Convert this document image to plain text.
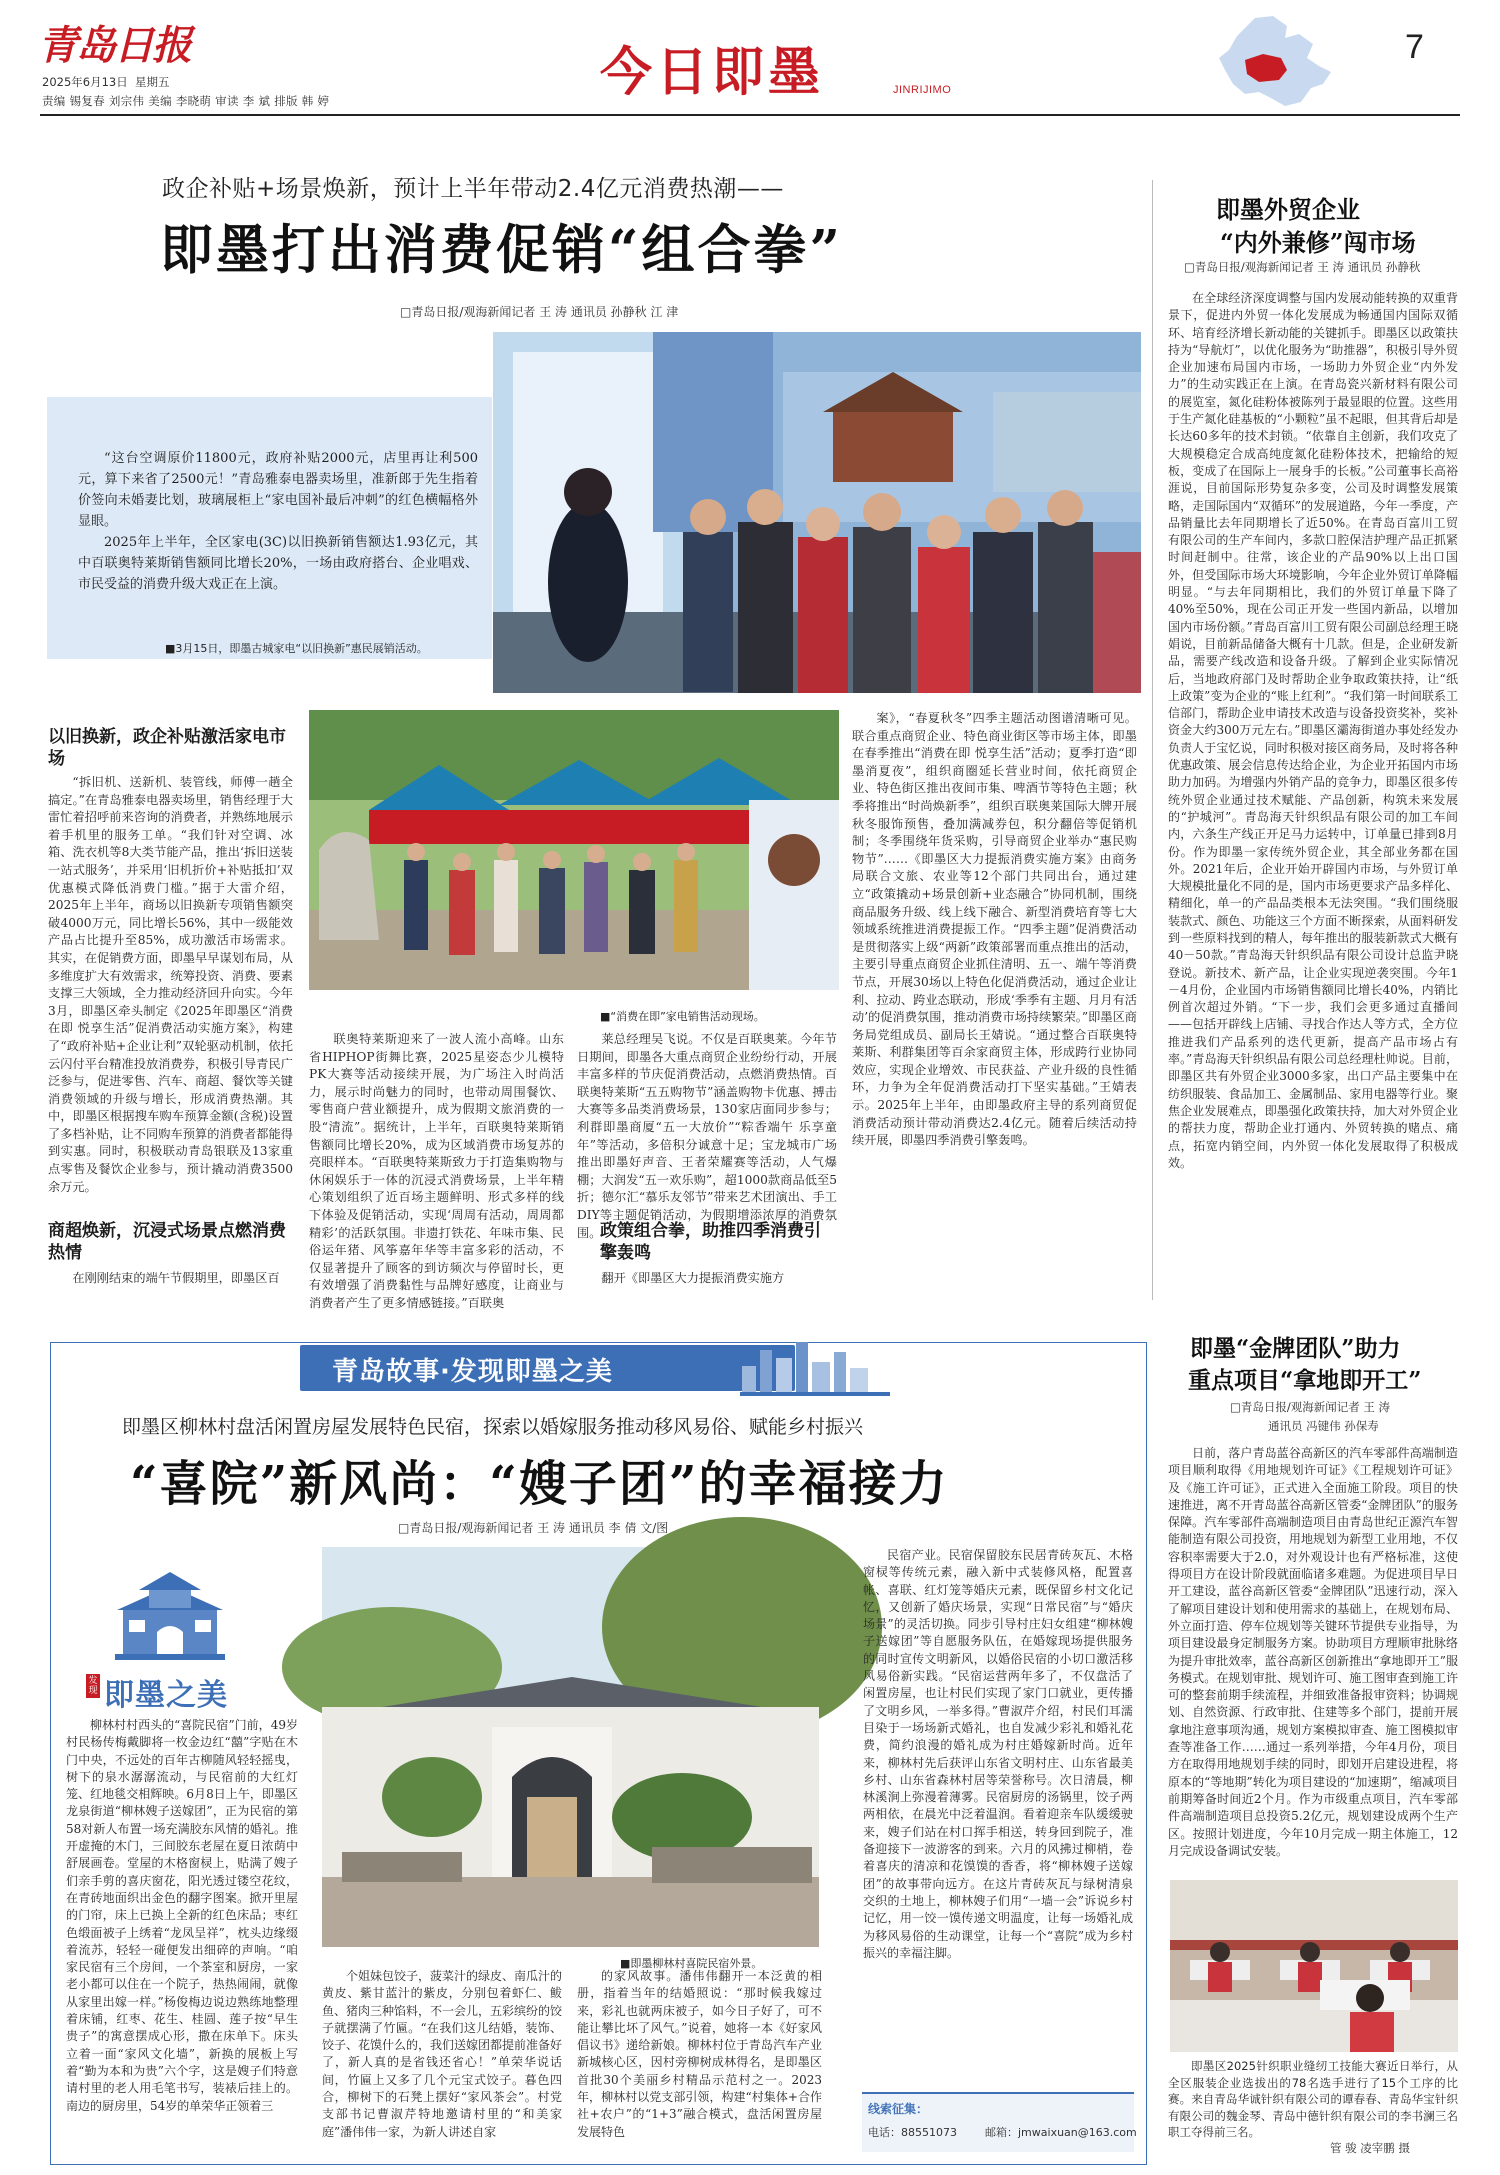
青岛日报
2025年6月13日 星期五
责编 锡复春 刘宗伟 美编 李晓萌 审读 李 斌 排版 韩 婷	今日即墨	JINRIJIMO
7
政企补贴+场景焕新，预计上半年带动2.4亿元消费热潮——
即墨打出消费促销“组合拳”
□青岛日报/观海新闻记者 王 涛 通讯员 孙静秋 江 津

“这台空调原价11800元，政府补贴2000元，店里再让利500元，算下来省了2500元！”青岛雅泰电器卖场里，准新郎于先生指着价签向未婚妻比划，玻璃展柜上“家电国补最后冲刺”的红色横幅格外显眼。

2025年上半年，全区家电(3C)以旧换新销售额达1.93亿元，其中百联奥特莱斯销售额同比增长20%，一场由政府搭台、企业唱戏、市民受益的消费升级大戏正在上演。

■3月15日，即墨古城家电“以旧换新”惠民展销活动。
■“消费在即”家电销售活动现场。
以旧换新，政企补贴激活家电市场
“拆旧机、送新机、装管线，师傅一趟全搞定。”在青岛雅泰电器卖场里，销售经理于大雷忙着招呼前来咨询的消费者，并熟练地展示着手机里的服务工单。“我们针对空调、冰箱、洗衣机等8大类节能产品，推出‘拆旧送装一站式服务’，并采用‘旧机折价+补贴抵扣’双优惠模式降低消费门槛。”据于大雷介绍，2025年上半年，商场以旧换新专项销售额突破4000万元，同比增长56%，其中一级能效产品占比提升至85%，成功激活市场需求。其实，在促销费方面，即墨早早谋划布局，从多维度扩大有效需求，统筹投资、消费、要素支撑三大领域，全力推动经济回升向实。今年3月，即墨区牵头制定《2025年即墨区“消费在即 悦享生活”促消费活动实施方案》，构建了“政府补贴+企业让利”双轮驱动机制，依托云闪付平台精准投放消费券，积极引导青民广泛参与，促进零售、汽车、商超、餐饮等关键消费领域的升级与增长，形成消费热潮。其中，即墨区根据搜车购车预算金额(含税)设置了多档补贴，让不同购车预算的消费者都能得到实惠。同时，积极联动青岛银联及13家重点零售及餐饮企业参与，预计撬动消费3500余万元。
商超焕新，沉浸式场景点燃消费热情
在刚刚结束的端午节假期里，即墨区百
联奥特莱斯迎来了一波人流小高峰。山东省HIPHOP街舞比赛，2025星姿态少儿模特PK大赛等活动接续开展，为广场注入时尚活力，展示时尚魅力的同时，也带动周围餐饮、零售商户营业额提升，成为假期文旅消费的一股“清流”。据统计，上半年，百联奥特莱斯销售额同比增长20%，成为区域消费市场复苏的亮眼样本。“百联奥特莱斯致力于打造集购物与休闲娱乐于一体的沉浸式消费场景，上半年精心策划组织了近百场主题鲜明、形式多样的线下体验及促销活动，实现‘周周有活动，周周都精彩’的活跃氛围。非遗打铁花、年味市集、民俗运年猪、风筝嘉年华等丰富多彩的活动，不仅显著提升了顾客的到访频次与停留时长，更有效增强了消费黏性与品牌好感度，让商业与消费者产生了更多情感链接。”百联奥
莱总经理吴飞说。不仅是百联奥莱。今年节日期间，即墨各大重点商贸企业纷纷行动，开展丰富多样的节庆促消费活动，点燃消费热情。百联奥特莱斯“五五购物节”涵盖购物卡优惠、搏击大赛等多品类消费场景，130家店面同步参与；利群即墨商厦“五一大放价”“粽香端午 乐享童年”等活动，多倍积分诚意十足；宝龙城市广场推出即墨好声音、王者荣耀赛等活动，人气爆棚；大润发“五一欢乐购”，超1000款商品低至5折；德尔汇“慕乐友邻节”带来艺术团演出、手工DIY等主题促销活动，为假期增添浓厚的消费氛围。
政策组合拳，助推四季消费引擎轰鸣
翻开《即墨区大力提振消费实施方
案》，“春夏秋冬”四季主题活动图谱清晰可见。联合重点商贸企业、特色商业街区等市场主体，即墨在春季推出“消费在即 悦享生活”活动；夏季打造“即墨消夏夜”，组织商圈延长营业时间，依托商贸企业、特色街区推出夜间市集、啤酒节等特色主题；秋季将推出“时尚焕新季”，组织百联奥莱国际大牌开展秋冬服饰预售，叠加满减券包，积分翻倍等促销机制；冬季围绕年货采购，引导商贸企业举办“惠民购物节”……《即墨区大力提振消费实施方案》由商务局联合文旅、农业等12个部门共同出台，通过建立“政策撬动+场景创新+业态融合”协同机制，围绕商品服务升级、线上线下融合、新型消费培育等七大领域系统推进消费提振工作。“四季主题”促消费活动是贯彻落实上级“两新”政策部署而重点推出的活动，主要引导重点商贸企业抓住清明、五一、端午等消费节点，开展30场以上特色化促消费活动，通过企业让利、拉动、跨业态联动，形成‘季季有主题、月月有活动’的促消费氛围，推动消费市场持续繁荣。”即墨区商务局党组成员、副局长王婧说。“通过整合百联奥特莱斯、利群集团等百余家商贸主体，形成跨行业协同效应，实现企业增效、市民获益、产业升级的良性循环，力争为全年促消费活动打下坚实基础。”王婧表示。2025年上半年，由即墨政府主导的系列商贸促消费活动预计带动消费达2.4亿元。随着后续活动持续开展，即墨四季消费引擎轰鸣。
即墨外贸企业
“内外兼修”闯市场
□青岛日报/观海新闻记者 王 涛 通讯员 孙静秋
在全球经济深度调整与国内发展动能转换的双重背景下，促进内外贸一体化发展成为畅通国内国际双循环、培育经济增长新动能的关键抓手。即墨区以政策扶持为“导航灯”，以优化服务为“助推器”，积极引导外贸企业加速布局国内市场，一场助力外贸企业“内外发力”的生动实践正在上演。在青岛瓷兴新材料有限公司的展览室，氮化硅粉体被陈列于最显眼的位置。这些用于生产氮化硅基板的“小颗粒”虽不起眼，但其背后却是长达60多年的技术封锁。“依靠自主创新，我们攻克了大规模稳定合成高纯度氮化硅粉体技术，把输给的短板，变成了在国际上一展身手的长板。”公司董事长高裕涯说，目前国际形势复杂多变，公司及时调整发展策略，走国际国内“双循环”的发展道路，今年一季度，产品销量比去年同期增长了近50%。在青岛百富川工贸有限公司的生产车间内，多款口腔保洁护理产品正抓紧时间赶制中。往常，该企业的产品90%以上出口国外，但受国际市场大环境影响，今年企业外贸订单降幅明显。“与去年同期相比，我们的外贸订单量下降了40%至50%，现在公司正开发一些国内新品，以增加国内市场份额。”青岛百富川工贸有限公司副总经理王晓娟说，目前新品储备大概有十几款。但是，企业研发新品，需要产线改造和设备升级。了解到企业实际情况后，当地政府部门及时帮助企业争取政策扶持，让“纸上政策”变为企业的“账上红利”。“我们第一时间联系工信部门，帮助企业申请技术改造与设备投资奖补，奖补资金大约300万元左右。”即墨区灞海街道办事处经发办负责人于宝忆说，同时积极对接区商务局，及时将各种优惠政策、展会信息传达给企业，为企业开拓国内市场助力加码。为增强内外销产品的竞争力，即墨区很多传统外贸企业通过技术赋能、产品创新，构筑未来发展的“护城河”。青岛海天针织织品有限公司的加工车间内，六条生产线正开足马力运转中，订单量已排到8月份。作为即墨一家传统外贸企业，其全部业务都在国外。2021年后，企业开始开辟国内市场，与外贸订单大规模批量化不同的是，国内市场更要求产品多样化、精细化，单一的产品品类根本无法突围。“我们围绕服装款式、颜色、功能这三个方面不断探索，从面料研发到一些原料找到的精人，每年推出的服装新款式大概有40－50款。”青岛海天针织织品有限公司设计总监尹晓登说。新技术、新产品，让企业实现逆袭突围。今年1－4月份，企业国内市场销售额同比增长40%，内销比例首次超过外销。“下一步，我们会更多通过直播间——包括开辟线上店铺、寻找合作达人等方式，全方位推进我们产品系列的迭代更新，提高产品市场占有率。”青岛海天针织织品有限公司总经理杜帅说。目前，即墨区共有外贸企业3000多家，出口产品主要集中在纺织服装、食品加工、金属制品、家用电器等行业。聚焦企业发展难点，即墨强化政策扶持，加大对外贸企业的帮扶力度，帮助企业打通内、外贸转换的赌点、痛点，拓宽内销空间，内外贸一体化发展取得了积极成效。
青岛故事·发现即墨之美
即墨区柳林村盘活闲置房屋发展特色民宿，探索以婚嫁服务推动移风易俗、赋能乡村振兴
“喜院”新风尚：“嫂子团”的幸福接力
□青岛日报/观海新闻记者 王 涛 通讯员 李 倩 文/图
发现 即墨之美
柳林村村西头的“喜院民宿”门前，49岁村民杨传梅戴脚将一枚金边红“囍”字贴在木门中央，不远处的百年古柳随风轻轻摇曳，树下的泉水潺潺流动，与民宿前的大红灯笼、红地毯交相辉映。6月8日上午，即墨区龙泉街道“柳林嫂子送嫁团”，正为民宿的第58对新人布置一场充满胶东风情的婚礼。推开虚掩的木门，三间胶东老屋在夏日浓荫中舒展画卷。堂屋的木格窗棂上，贴满了嫂子们亲手剪的喜庆窗花，阳光透过镂空花纹，在青砖地面织出金色的翻字图案。掀开里屋的门帘，床上已换上全新的红色床品；枣红色缎面被子上绣着“龙凤呈祥”，枕头边缘缀着流苏，轻轻一碰便发出细碎的声响。“咱家民宿有三个房间，一个茶室和厨房，一家老小都可以住在一个院子，热热闹闹，就像从家里出嫁一样。”杨俊梅边说边熟练地整理着床铺，红枣、花生、桂圆、莲子按“早生贵子”的寓意摆成心形，撒在床单下。床头立着一面“家风文化墙”，新换的展板上写着“勤为本和为贵”六个字，这是嫂子们特意请村里的老人用毛笔书写，装裱后挂上的。南边的厨房里，54岁的单荣华正领着三
■即墨柳林村喜院民宿外景。
个姐妹包饺子，菠菜汁的绿皮、南瓜汁的黄皮、紫甘蓝汁的紫皮，分别包着虾仁、鲅鱼、猪肉三种馅料，不一会儿，五彩缤纷的饺子就摆满了竹匾。“在我们这儿结婚，装饰、饺子、花馍什么的，我们送嫁团都提前准备好了，新人真的是省钱还省心！”单荣华说话间，竹匾上又多了几个元宝式饺子。暮色四合，柳树下的石凳上摆好“家风茶会”。村党支部书记曹淑芹特地邀请村里的“和美家庭”潘伟伟一家，为新人讲述自家
的家风故事。潘伟伟翻开一本泛黄的相册，指着当年的结婚照说：“那时候我嫁过来，彩礼也就两床被子，如今日子好了，可不能让攀比坏了风气。”说着，她将一本《好家风倡议书》递给新娘。柳林村位于青岛汽车产业新城核心区，因村旁柳树成林得名，是即墨区首批30个美丽乡村精品示范村之一。2023年，柳林村以党支部引领，构建“村集体+合作社+农户”的“1+3”融合模式，盘活闲置房屋发展特色
民宿产业。民宿保留胶东民居青砖灰瓦、木格窗棂等传统元素，融入新中式装修风格，配置喜帐、喜联、红灯笼等婚庆元素，既保留乡村文化记忆，又创新了婚庆场景，实现“日常民宿”与“婚庆场景”的灵活切换。同步引导村庄妇女组建“柳林嫂子送嫁团”等自愿服务队伍，在婚嫁现场提供服务的同时宣传文明新风，以婚俗民宿的小切口激活移风易俗新实践。“民宿运营两年多了，不仅盘活了闲置房屋，也让村民们实现了家门口就业，更传播了文明乡风，一举多得。”曹淑芹介绍，村民们耳濡目染于一场场新式婚礼，也自发减少彩礼和婚礼花费，简约浪漫的婚礼成为村庄婚嫁新时尚。近年来，柳林村先后获评山东省文明村庄、山东省最美乡村、山东省森林村居等荣誉称号。次日清晨，柳林溪涧上弥漫着薄雾。民宿厨房的汤锅里，饺子两两相依，在晨光中泛着温润。看着迎亲车队缓缓驶来，嫂子们站在村口挥手相送，转身回到院子，准备迎接下一波游客的到来。六月的风拂过柳梢，卷着喜庆的清凉和花馍馍的香香，将“柳林嫂子送嫁团”的故事带向远方。在这片青砖灰瓦与绿树清泉交织的土地上，柳林嫂子们用“一墙一会”诉说乡村记忆，用一饺一馍传递文明温度，让每一场婚礼成为移风易俗的生动课堂，让每一个“喜院”成为乡村振兴的幸福注脚。
线索征集：
电话：88551073	邮箱：jmwaixuan@163.com
即墨“金牌团队”助力
重点项目“拿地即开工”
□青岛日报/观海新闻记者 王 涛
通讯员 冯键伟 孙保寿
日前，落户青岛蓝谷高新区的汽车零部件高端制造项目顺利取得《用地规划许可证》《工程规划许可证》及《施工许可证》，正式进入全面施工阶段。项目的快速推进，离不开青岛蓝谷高新区管委“金牌团队”的服务保障。汽车零部件高端制造项目由青岛世纪正源汽车智能制造有限公司投资，用地规划为新型工业用地，不仅容积率需要大于2.0，对外观设计也有严格标准，这使得项目方在设计阶段就面临诸多难题。为促进项目早日开工建设，蓝谷高新区管委“金牌团队”迅速行动，深入了解项目建设计划和使用需求的基础上，在规划布局、外立面打造、停车位规划等关键环节提供专业指导，为项目建设最身定制服务方案。协助项目方理顺审批脉络为提升审批效率，蓝谷高新区创新推出“拿地即开工”服务模式。在规划审批、规划许可、施工图审查到施工许可的整套前期手续流程，并细致准备报审资料；协调规划、自然资源、行政审批、住建等多个部门，提前开展拿地注意事项沟通，规划方案模拟审查、施工图模拟审查等准备工作……通过一系列举措，今年4月份，项目方在取得用地规划手续的同时，即划开启建设进程，将原本的“等地期”转化为项目建设的“加速期”，缩减项目前期筹备时间近2个月。作为市级重点项目，汽车零部件高端制造项目总投资5.2亿元，规划建设成两个生产区。按照计划进度，今年10月完成一期主体施工，12月完成设备调试安装。
即墨区2025针织职业缝纫工技能大赛近日举行，从全区服装企业选拔出的78名选手进行了15个工序的比赛。来自青岛华诚针织有限公司的谭春春、青岛华宝针织有限公司的魏金琴、青岛中德针织有限公司的李书澜三名职工夺得前三名。
管 骏 凌宰鹏 摄
